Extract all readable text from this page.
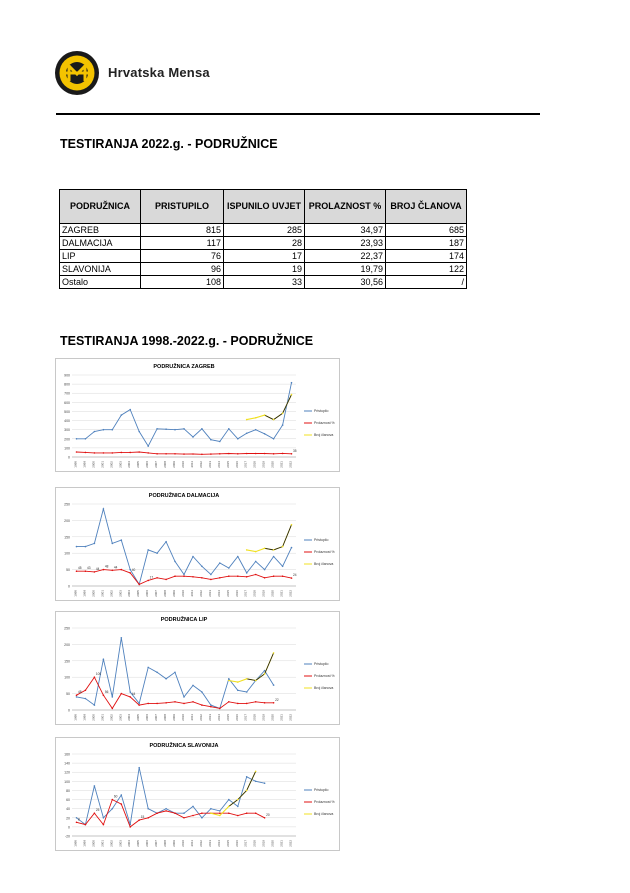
Hrvatska Mensa
TESTIRANJA 2022.g. - PODRUŽNICE
PODRUŽNICA	PRISTUPILO	ISPUNILO UVJET	PROLAZNOST %	BROJ ČLANOVA
ZAGREB	815	285	34,97	685
DALMACIJA	117	28	23,93	187
LIP	76	17	22,37	174
SLAVONIJA	96	19	19,79	122
Ostalo	108	33	30,56	/
TESTIRANJA 1998.-2022.g. - PODRUŽNICE
PODRUŽNICA ZAGREB
0
100
200
300
400
500
600
700
800
900
1998 1999 2000 2001 2002 2003 2004 2005 2006 2007 2008 2009 2010 2011 2012 2013 2014 2015 2016 2017 2018 2019 2020 2021 2022
35
Pristupilo
Prolaznost %
Broj članova
PODRUŽNICA DALMACIJA
0
50
100
150
200
250
1998 1999 2000 2001 2002 2003 2004 2005 2006 2007 2008 2009 2010 2011 2012 2013 2014 2015 2016 2017 2018 2019 2020 2021 2022
45 43 44
48 44
40
17
24
Pristupilo
Prolaznost %
Broj članova
PODRUŽNICA LIP
0
50
100
150
200
250
1998 1999 2000 2001 2002 2003 2004 2005 2006 2007 2008 2009 2010 2011 2012 2013 2014 2015 2016 2017 2018 2019 2020 2021 2022
48
100
56	44
22
Pristupilo
Prolaznost %
Broj članova
PODRUŽNICA SLAVONIJA
-20
0
20
40
60
80
100
120
140
160
1998 1999 2000 2001 2002 2003 2004 2005 2006 2007 2008 2009 2010 2011 2012 2013 2014 2015 2016 2017 2018 2019 2020 2021 2022
8
25
60
15
20
Pristupilo
Prolaznost %
Broj članova
